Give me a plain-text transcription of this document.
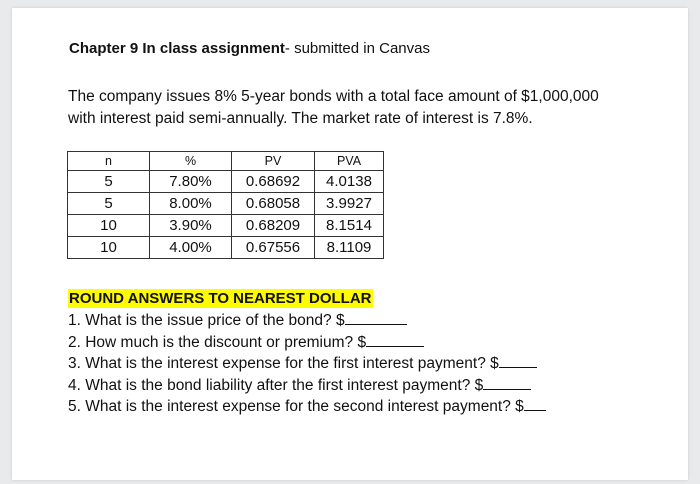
Chapter 9 In class assignment- submitted in Canvas
The company issues 8% 5-year bonds with a total face amount of $1,000,000 with interest paid semi-annually. The market rate of interest is 7.8%.
n	%	PV	PVA
5	7.80%	0.68692	4.0138
5	8.00%	0.68058	3.9927
10	3.90%	0.68209	8.1514
10	4.00%	0.67556	8.1109
ROUND ANSWERS TO NEAREST DOLLAR
1. What is the issue price of the bond? $
2. How much is the discount or premium? $
3. What is the interest expense for the first interest payment? $
4. What is the bond liability after the first interest payment? $
5. What is the interest expense for the second interest payment? $
